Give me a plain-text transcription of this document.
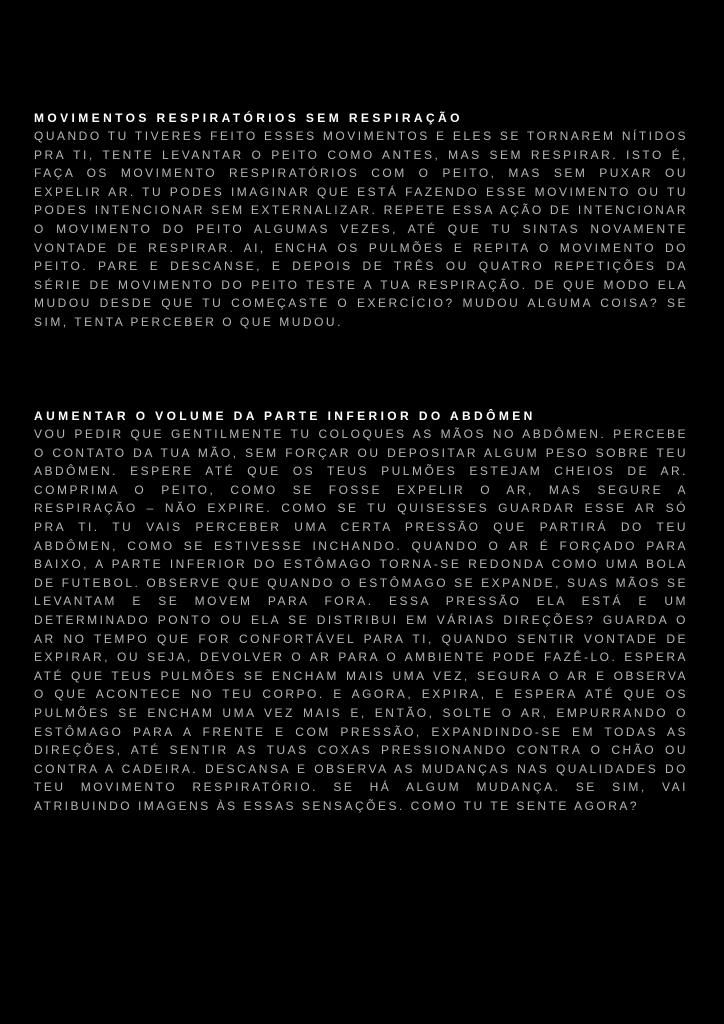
MOVIMENTOS RESPIRATÓRIOS SEM RESPIRAÇÃO

QUANDO TU TIVERES FEITO ESSES MOVIMENTOS E ELES SE TORNAREM NÍTIDOS PRA TI, TENTE LEVANTAR O PEITO COMO ANTES, MAS SEM RESPIRAR. ISTO É, FAÇA OS MOVIMENTO RESPIRATÓRIOS COM O PEITO, MAS SEM PUXAR OU EXPELIR AR. TU PODES IMAGINAR QUE ESTÁ FAZENDO ESSE MOVIMENTO OU TU PODES INTENCIONAR SEM EXTERNALIZAR. REPETE ESSA AÇÃO DE INTENCIONAR O MOVIMENTO DO PEITO ALGUMAS VEZES, ATÉ QUE TU SINTAS NOVAMENTE VONTADE DE RESPIRAR. AI, ENCHA OS PULMÕES E REPITA O MOVIMENTO DO PEITO. PARE E DESCANSE, E DEPOIS DE TRÊS OU QUATRO REPETIÇÕES DA SÉRIE DE MOVIMENTO DO PEITO TESTE A TUA RESPIRAÇÃO. DE QUE MODO ELA MUDOU DESDE QUE TU COMEÇASTE O EXERCÍCIO? MUDOU ALGUMA COISA? SE SIM, TENTA PERCEBER O QUE MUDOU.

AUMENTAR O VOLUME DA PARTE INFERIOR DO ABDÔMEN

VOU PEDIR QUE GENTILMENTE TU COLOQUES AS MÃOS NO ABDÔMEN. PERCEBE O CONTATO DA TUA MÃO, SEM FORÇAR OU DEPOSITAR ALGUM PESO SOBRE TEU ABDÔMEN. ESPERE ATÉ QUE OS TEUS PULMÕES ESTEJAM CHEIOS DE AR. COMPRIMA O PEITO, COMO SE FOSSE EXPELIR O AR, MAS SEGURE A RESPIRAÇÃO – NÃO EXPIRE. COMO SE TU QUISESSES GUARDAR ESSE AR SÓ PRA TI. TU VAIS PERCEBER UMA CERTA PRESSÃO QUE PARTIRÁ DO TEU ABDÔMEN, COMO SE ESTIVESSE INCHANDO. QUANDO O AR É FORÇADO PARA BAIXO, A PARTE INFERIOR DO ESTÔMAGO TORNA-SE REDONDA COMO UMA BOLA DE FUTEBOL. OBSERVE QUE QUANDO O ESTÔMAGO SE EXPANDE, SUAS MÃOS SE LEVANTAM E SE MOVEM PARA FORA. ESSA PRESSÃO ELA ESTÁ E UM DETERMINADO PONTO OU ELA SE DISTRIBUI EM VÁRIAS DIREÇÕES? GUARDA O AR NO TEMPO QUE FOR CONFORTÁVEL PARA TI, QUANDO SENTIR VONTADE DE EXPIRAR, OU SEJA, DEVOLVER O AR PARA O AMBIENTE PODE FAZÊ-LO. ESPERA ATÉ QUE TEUS PULMÕES SE ENCHAM MAIS UMA VEZ, SEGURA O AR E OBSERVA O QUE ACONTECE NO TEU CORPO. E AGORA, EXPIRA, E ESPERA ATÉ QUE OS PULMÕES SE ENCHAM UMA VEZ MAIS E, ENTÃO, SOLTE O AR, EMPURRANDO O ESTÔMAGO PARA A FRENTE E COM PRESSÃO, EXPANDINDO-SE EM TODAS AS DIREÇÕES, ATÉ SENTIR AS TUAS COXAS PRESSIONANDO CONTRA O CHÃO OU CONTRA A CADEIRA. DESCANSA E OBSERVA AS MUDANÇAS NAS QUALIDADES DO TEU MOVIMENTO RESPIRATÓRIO. SE HÁ ALGUM MUDANÇA. SE SIM, VAI ATRIBUINDO IMAGENS ÀS ESSAS SENSAÇÕES. COMO TU TE SENTE AGORA?
